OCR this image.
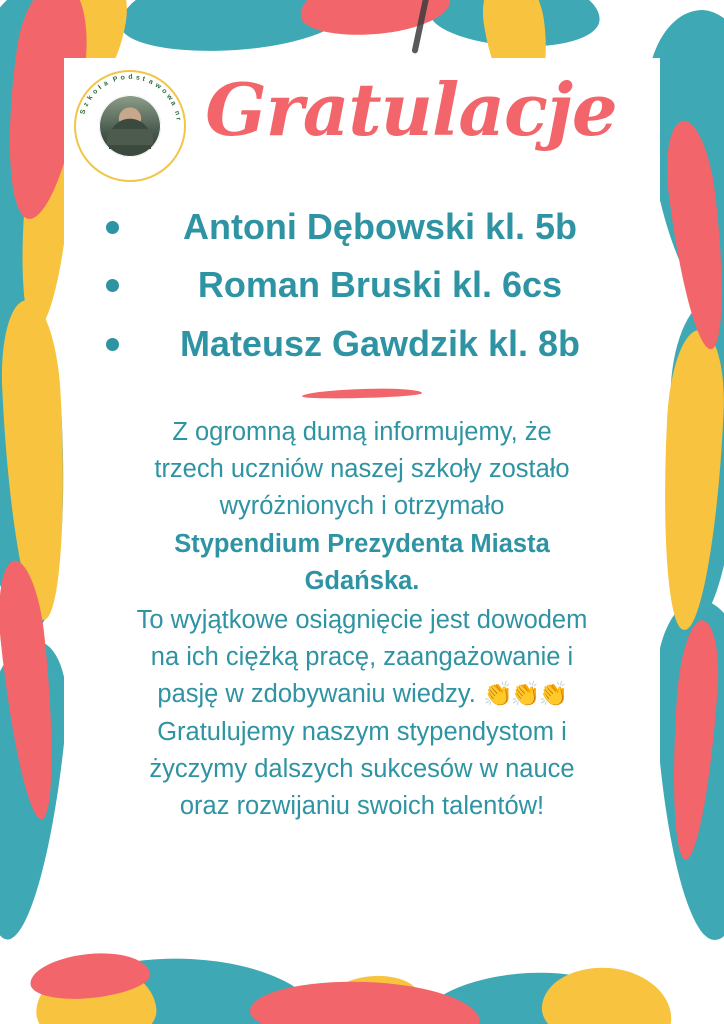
S
z
k
o
ł a
P o d s t a w
o
w
a
n
r Gratulacje
Antoni Dębowski kl. 5b
Roman Bruski kl. 6cs
Mateusz Gawdzik kl. 8b

Z ogromną dumą informujemy, że

trzech uczniów naszej szkoły zostało

wyróżnionych i otrzymało

Stypendium Prezydenta Miasta

Gdańska.

To wyjątkowe osiągnięcie jest dowodem

na ich ciężką pracę, zaangażowanie i

pasję w zdobywaniu wiedzy. 👏👏👏

Gratulujemy naszym stypendystom i

życzymy dalszych sukcesów w nauce

oraz rozwijaniu swoich talentów!
